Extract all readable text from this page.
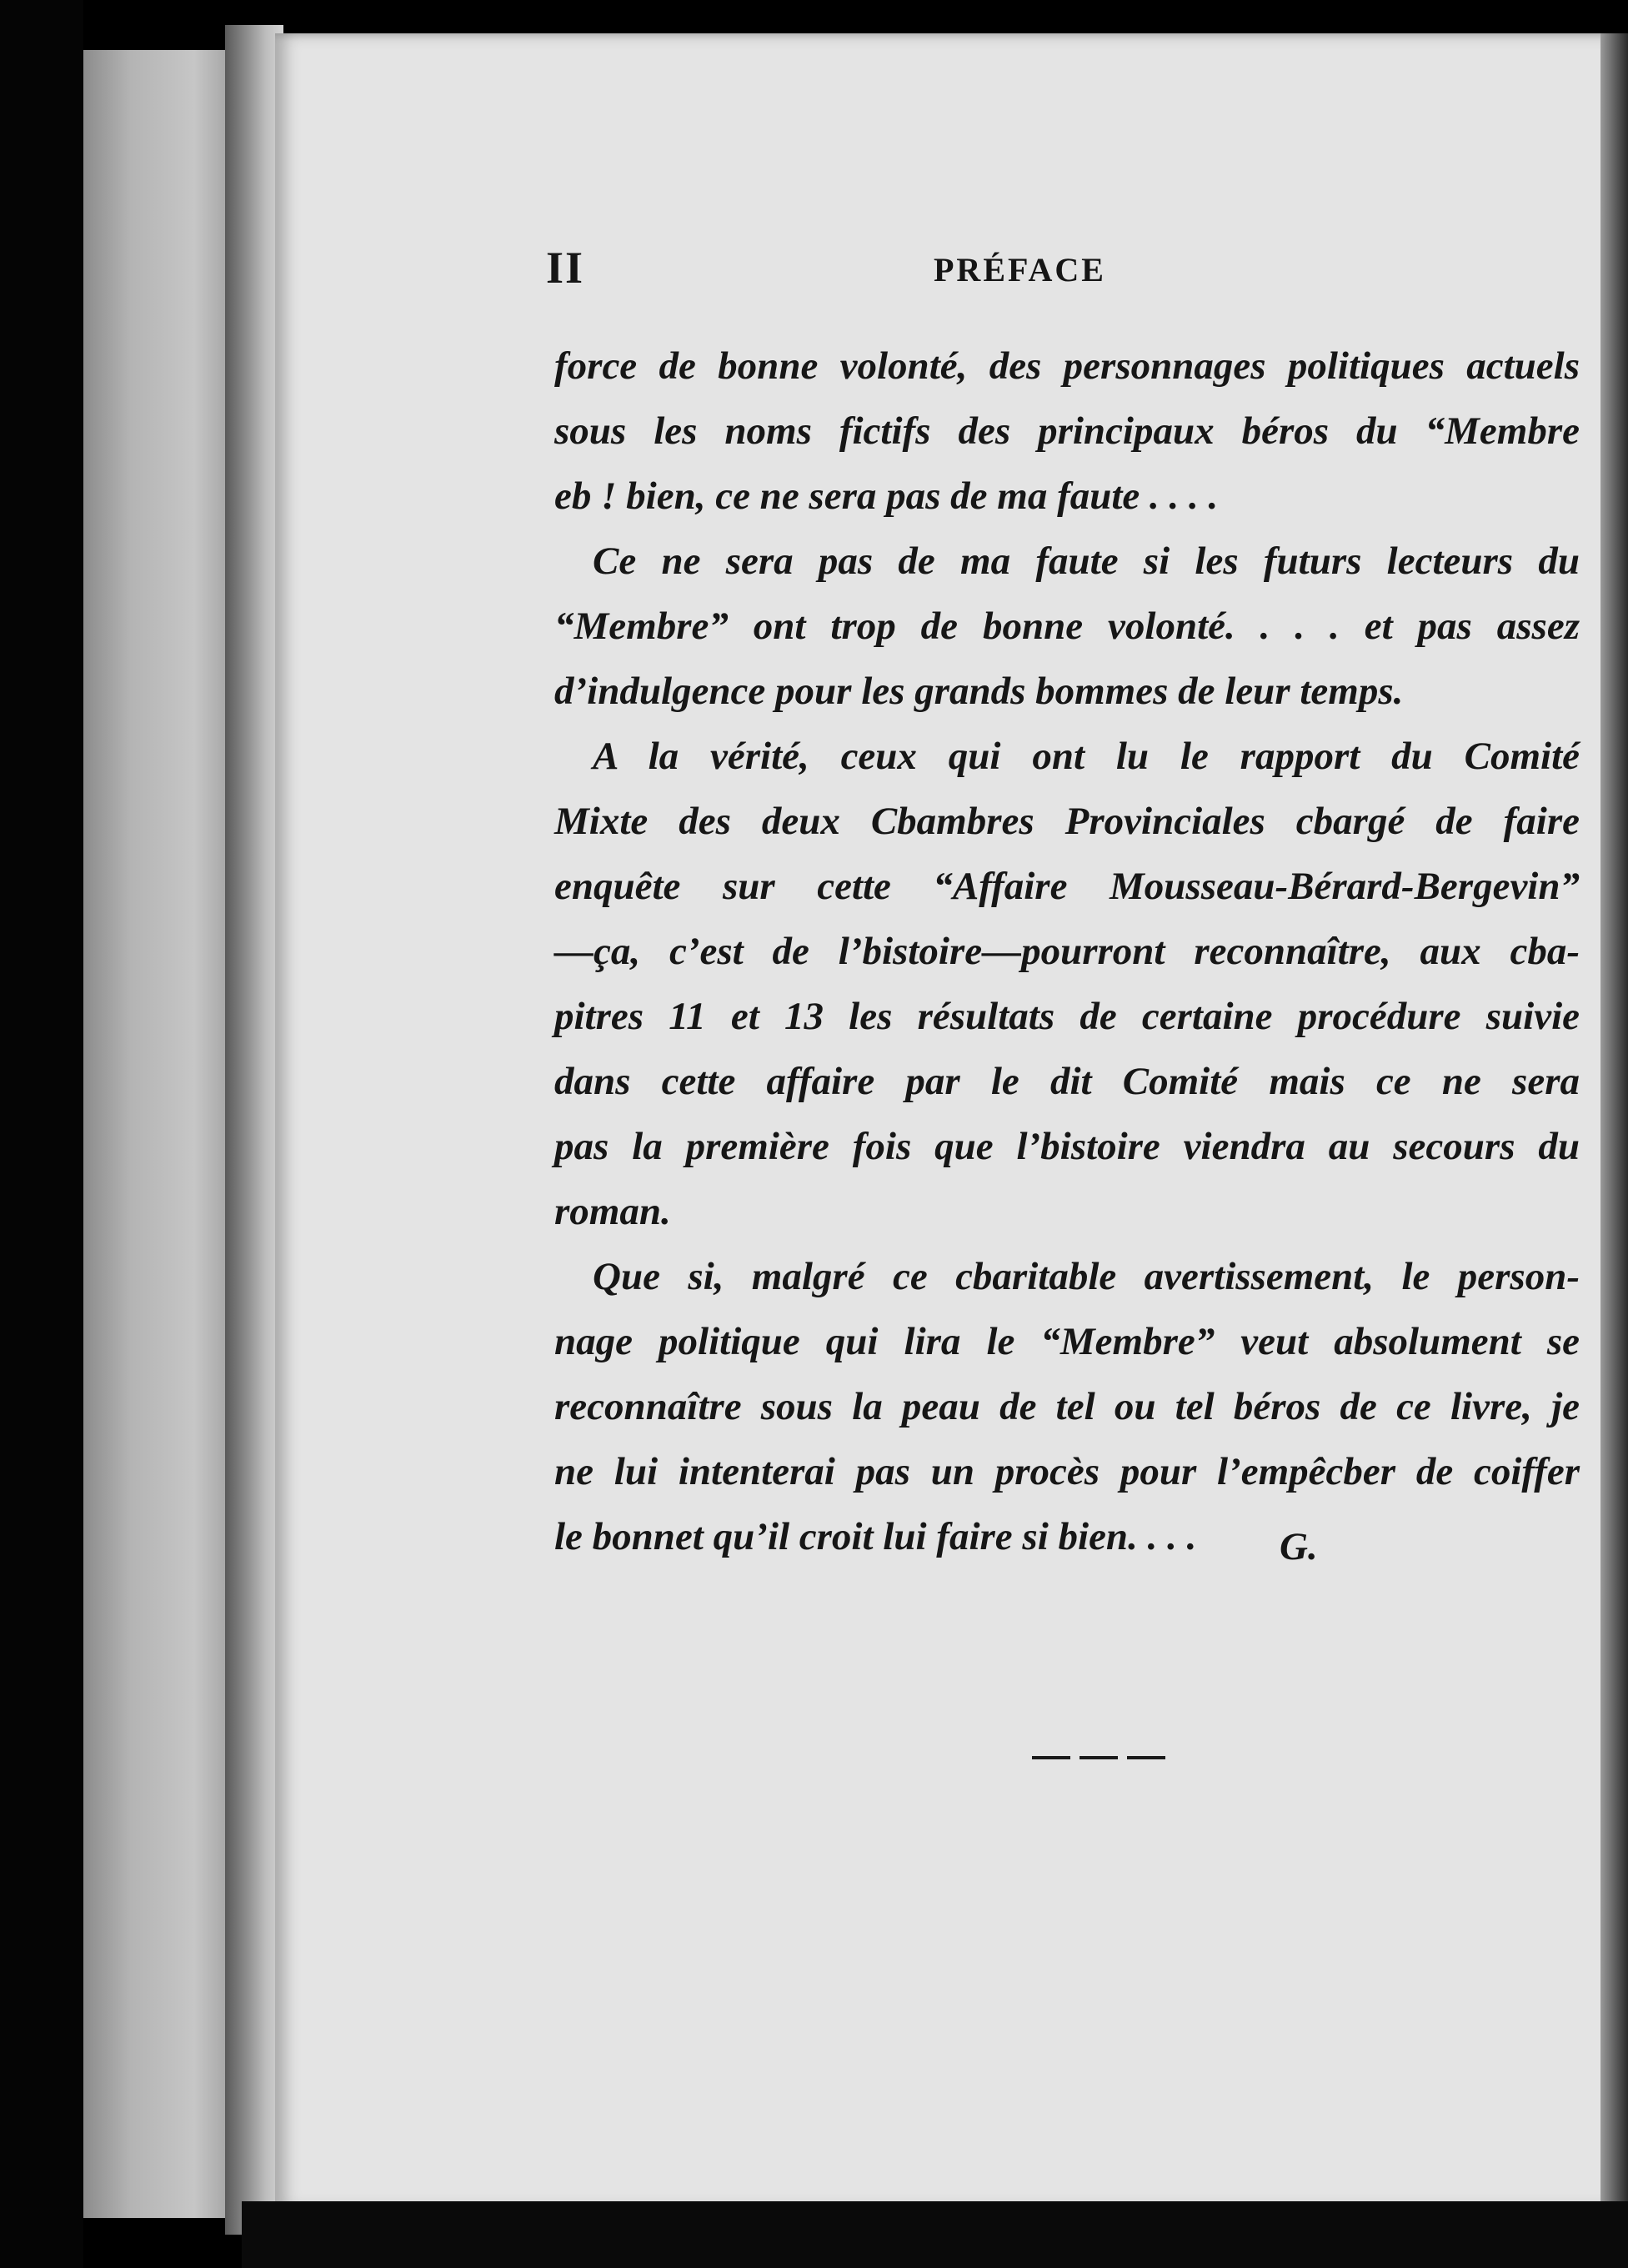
II	PRÉFACE
force de bonne volonté, des personnages politiques actuels
sous les noms fictifs des principaux béros du “Membre
eb ! bien, ce ne sera pas de ma faute . . . .
Ce ne sera pas de ma faute si les futurs lecteurs du
“Membre” ont trop de bonne volonté. . . . et pas assez
d’indulgence pour les grands bommes de leur temps.
A la vérité, ceux qui ont lu le rapport du Comité
Mixte des deux Cbambres Provinciales cbargé de faire
enquête sur cette “Affaire Mousseau-Bérard-Bergevin”
—ça, c’est de l’bistoire—pourront reconnaître, aux cba-
pitres 11 et 13 les résultats de certaine procédure suivie
dans cette affaire par le dit Comité mais ce ne sera
pas la première fois que l’bistoire viendra au secours du
roman.
Que si, malgré ce cbaritable avertissement, le person-
nage politique qui lira le “Membre” veut absolument se
reconnaître sous la peau de tel ou tel béros de ce livre, je
ne lui intenterai pas un procès pour l’empêcber de coiffer
le bonnet qu’il croit lui faire si bien. . . .	G.
